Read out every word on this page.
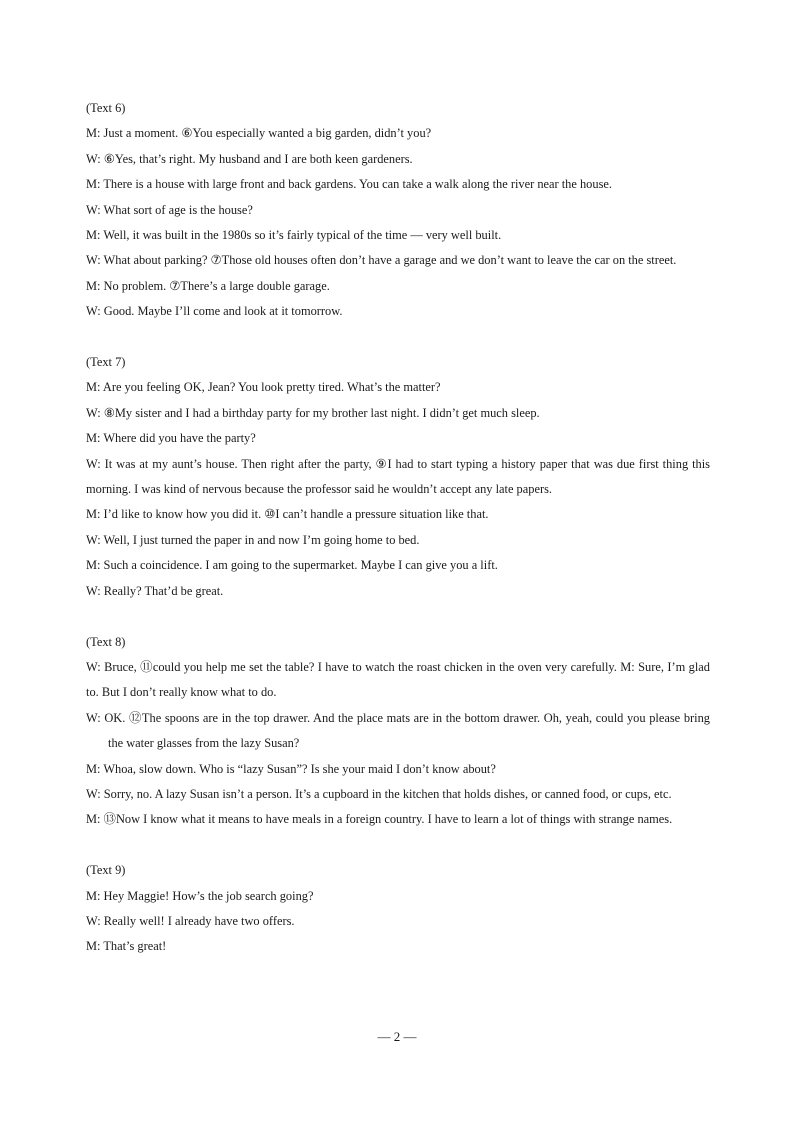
(Text 6)

M: Just a moment. ⑥You especially wanted a big garden, didn’t you?

W: ⑥Yes, that’s right. My husband and I are both keen gardeners.

M: There is a house with large front and back gardens. You can take a walk along the river near the house.

W: What sort of age is the house?

M: Well, it was built in the 1980s so it’s fairly typical of the time — very well built.

W: What about parking? ⑦Those old houses often don’t have a garage and we don’t want to leave the car on the street.

M: No problem. ⑦There’s a large double garage.

W: Good. Maybe I’ll come and look at it tomorrow.

(Text 7)

M: Are you feeling OK, Jean? You look pretty tired. What’s the matter?

W: ⑧My sister and I had a birthday party for my brother last night. I didn’t get much sleep.

M: Where did you have the party?

W: It was at my aunt’s house. Then right after the party, ⑨I had to start typing a history paper that was due first thing this morning. I was kind of nervous because the professor said he wouldn’t accept any late papers.

M: I’d like to know how you did it. ⑩I can’t handle a pressure situation like that.

W: Well, I just turned the paper in and now I’m going home to bed.

M: Such a coincidence. I am going to the supermarket. Maybe I can give you a lift.

W: Really? That’d be great.

(Text 8)

W: Bruce, ⑪could you help me set the table? I have to watch the roast chicken in the oven very carefully. M: Sure, I’m glad to. But I don’t really know what to do.

W: OK. ⑫The spoons are in the top drawer. And the place mats are in the bottom drawer. Oh, yeah, could you please bring the water glasses from the lazy Susan?

M: Whoa, slow down. Who is “lazy Susan”? Is she your maid I don’t know about?

W: Sorry, no. A lazy Susan isn’t a person. It’s a cupboard in the kitchen that holds dishes, or canned food, or cups, etc.

M: ⑬Now I know what it means to have meals in a foreign country. I have to learn a lot of things with strange names.

(Text 9)

M: Hey Maggie! How’s the job search going?

W: Really well! I already have two offers.

M: That’s great!

— 2 —
